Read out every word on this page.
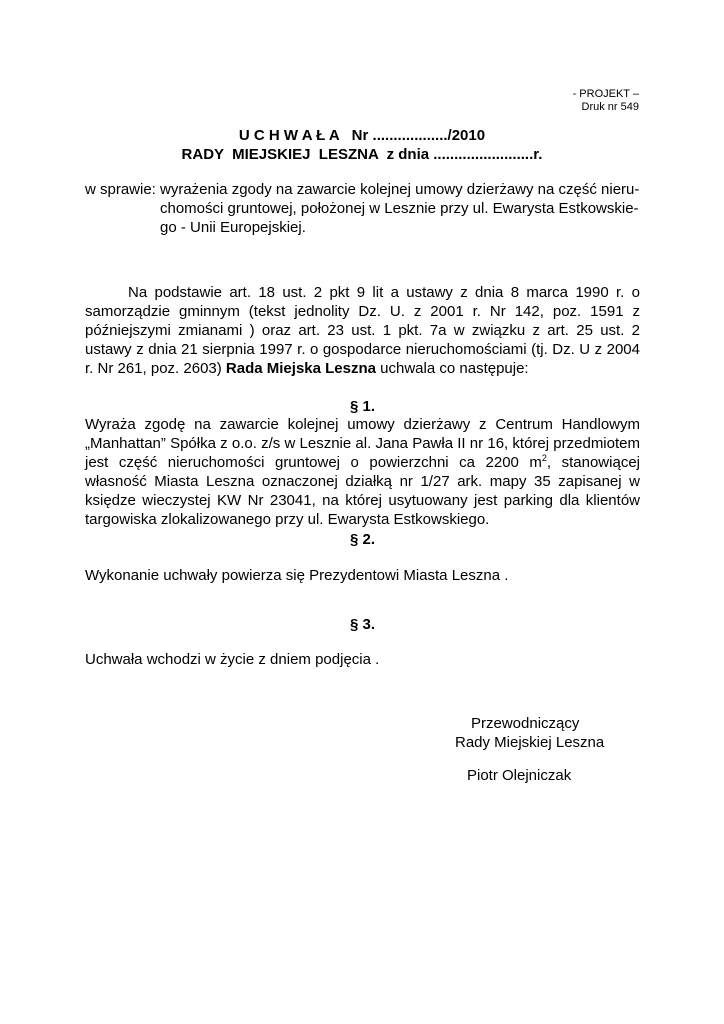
- PROJEKT –
Druk nr 549
U C H W A Ł A   Nr ................../2010
RADY  MIEJSKIEJ  LESZNA  z dnia ........................r.
w sprawie: wyrażenia zgody na zawarcie kolejnej umowy dzierżawy na część nieru-
chomości gruntowej, położonej w Lesznie przy ul. Ewarysta Estkowskie-
go - Unii Europejskiej.
Na podstawie art. 18 ust. 2 pkt 9 lit a ustawy z dnia 8 marca 1990 r. o samorządzie gminnym (tekst jednolity Dz. U. z 2001 r. Nr 142, poz. 1591 z późniejszymi zmianami ) oraz art. 23 ust. 1 pkt. 7a w związku z art. 25 ust. 2 ustawy z dnia 21 sierpnia 1997 r. o gospodarce nieruchomościami (tj. Dz. U z 2004 r. Nr 261, poz. 2603) Rada Miejska Leszna uchwala co następuje:
§ 1.
Wyraża zgodę na zawarcie kolejnej umowy dzierżawy z Centrum Handlowym „Manhattan” Spółka z o.o. z/s w Lesznie al. Jana Pawła II nr 16, której przedmiotem jest część nieruchomości gruntowej o powierzchni ca 2200 $m^2$, stanowiącej własność Miasta Leszna oznaczonej działką nr 1/27 ark. mapy 35 zapisanej w księdze wieczystej KW Nr 23041, na której usytuowany jest parking dla klientów targowiska zlokalizowanego przy ul. Ewarysta Estkowskiego.
§ 2.
Wykonanie uchwały powierza się Prezydentowi Miasta Leszna .
§ 3.
Uchwała wchodzi w życie z dniem podjęcia .
Przewodniczący
Rady Miejskiej Leszna
Piotr Olejniczak
